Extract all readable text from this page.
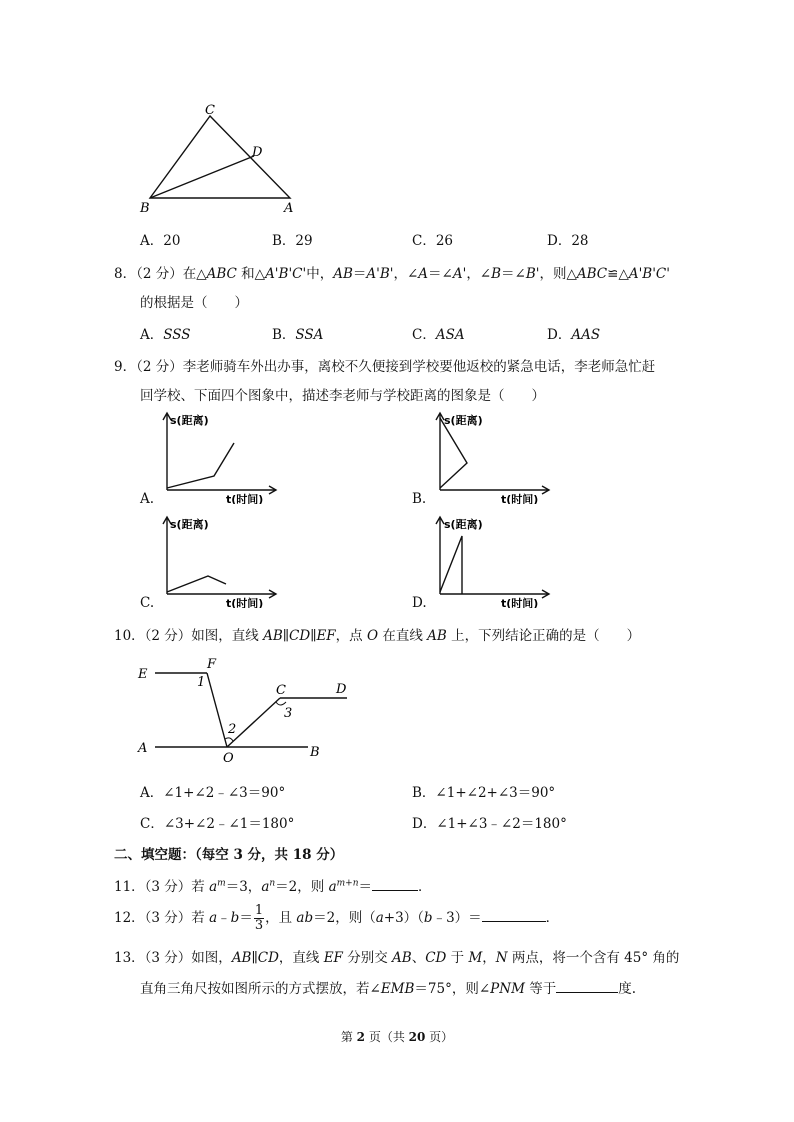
C
D
B	A
A．20	B．29	C．26	D．28
8．（2 分）在△ABC 和△A'B'C'中，AB＝A'B'，∠A＝∠A'，∠B＝∠B'，则△ABC≌△A'B'C'
的根据是（　　）
A．SSS	B．SSA	C．ASA	D．AAS
9．（2 分）李老师骑车外出办事，离校不久便接到学校要他返校的紧急电话，李老师急忙赶
回学校、下面四个图象中，描述李老师与学校距离的图象是（　　）
A.
s(距离)
t(时间)	B.
s(距离)
t(时间)
C.
s(距离)
t(时间)	D.
s(距离)
t(时间)
10．（2 分）如图，直线 AB∥CD∥EF，点 O 在直线 AB 上，下列结论正确的是（　　）
E
F
1
C	D
3
2
A
O	B
A．∠1+∠2﹣∠3＝90°	B．∠1+∠2+∠3＝90°
C．∠3+∠2﹣∠1＝180°	D．∠1+∠3﹣∠2＝180°
二、填空题：（每空 3 分，共 18 分）
11．（3 分）若 $a^m=3$，$a^n=2$，则 $a^{m+n}=$	．
12．（3 分）若 a﹣b＝ $\frac{1}{3}$ ，且 ab＝2，则（a+3）（b﹣3）＝	．
13．（3 分）如图，AB∥CD，直线 EF 分别交 AB、CD 于 M，N 两点，将一个含有 45° 角的
直角三角尺按如图所示的方式摆放，若∠EMB＝75°，则∠PNM 等于	度.
第 2 页（共 20 页）
